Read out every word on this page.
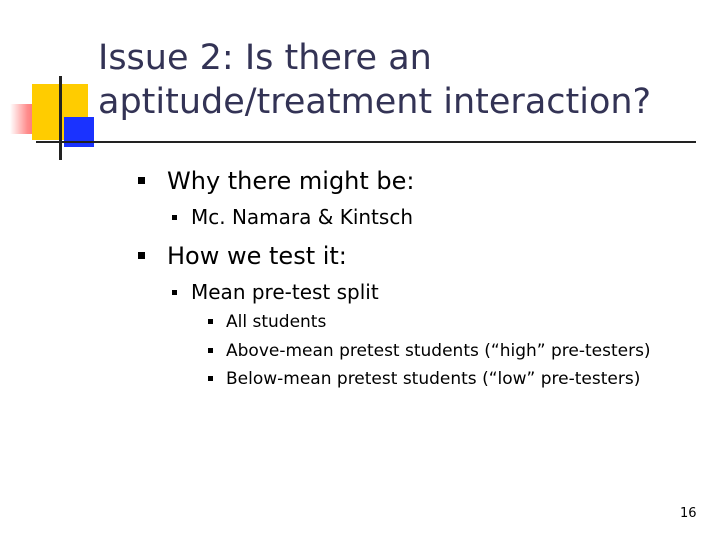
Issue 2: Is there an
aptitude/treatment interaction?
Why there might be:
Mc. Namara & Kintsch
How we test it:
Mean pre-test split
All students
Above-mean pretest students (“high” pre-testers)
Below-mean pretest students (“low” pre-testers)
16
